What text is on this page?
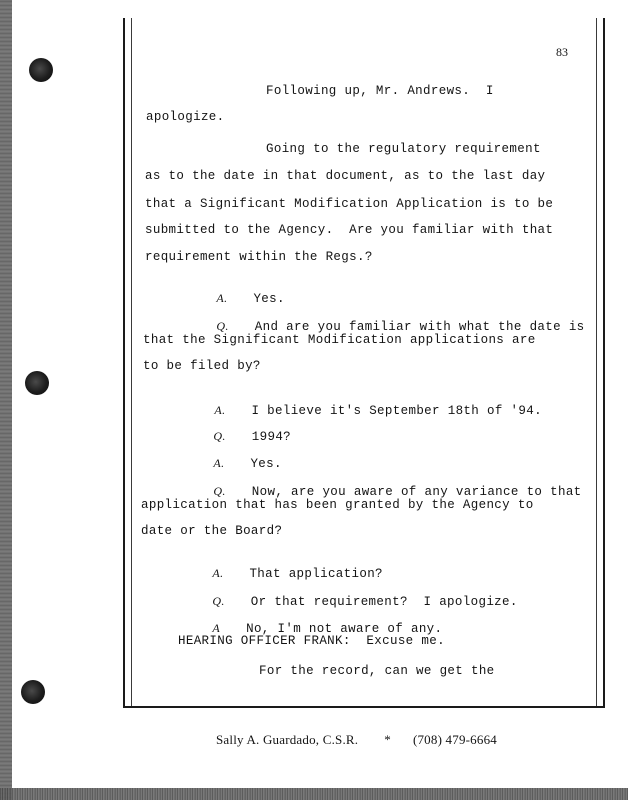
83
Following up, Mr. Andrews.  I
apologize.
Going to the regulatory requirement
as to the date in that document, as to the last day
that a Significant Modification Application is to be
submitted to the Agency.  Are you familiar with that
requirement within the Regs.?

A. Yes.

Q. And are you familiar with what the date is

that the Significant Modification applications are
to be filed by?

A. I believe it's September 18th of '94.

Q. 1994?

A. Yes.

Q. Now, are you aware of any variance to that

application that has been granted by the Agency to
date or the Board?

A. That application?

Q. Or that requirement?  I apologize.

A No, I'm not aware of any.

HEARING OFFICER FRANK:  Excuse me.
For the record, can we get the
Sally A. Guardado, C.S.R. * (708) 479-6664
